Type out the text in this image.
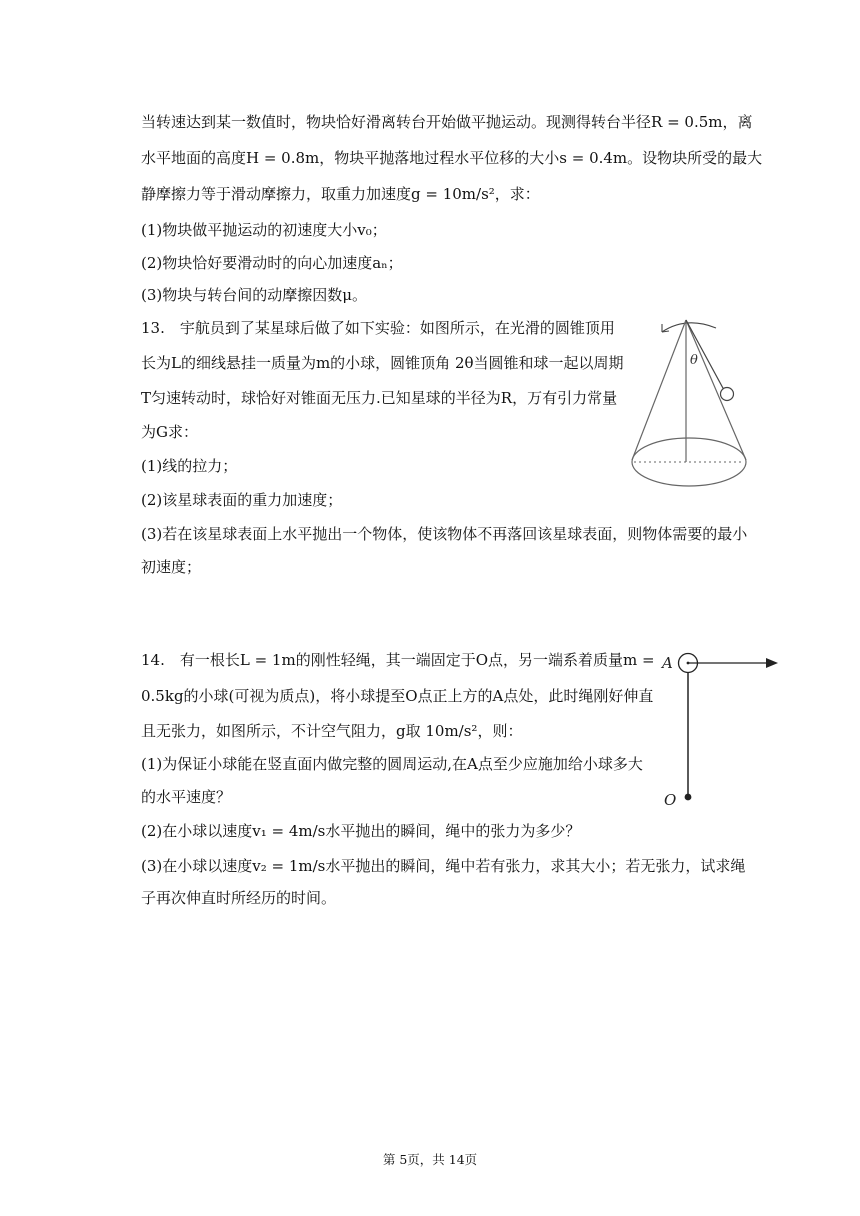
当转速达到某一数值时，物块恰好滑离转台开始做平抛运动。现测得转台半径R = 0.5m，离
水平地面的高度H = 0.8m，物块平抛落地过程水平位移的大小s = 0.4m。设物块所受的最大
静摩擦力等于滑动摩擦力，取重力加速度g = 10m/s²，求：
(1)物块做平抛运动的初速度大小v₀；
(2)物块恰好要滑动时的向心加速度aₙ；
(3)物块与转台间的动摩擦因数μ。
13.　宇航员到了某星球后做了如下实验：如图所示，在光滑的圆锥顶用
长为L的细线悬挂一质量为m的小球，圆锥顶角 2θ当圆锥和球一起以周期
T匀速转动时，球恰好对锥面无压力.已知星球的半径为R，万有引力常量
为G求：
(1)线的拉力；
(2)该星球表面的重力加速度；
(3)若在该星球表面上水平抛出一个物体，使该物体不再落回该星球表面，则物体需要的最小
初速度；
θ
14.　有一根长L = 1m的刚性轻绳，其一端固定于O点，另一端系着质量m =
0.5kg的小球(可视为质点)，将小球提至O点正上方的A点处，此时绳刚好伸直
且无张力，如图所示，不计空气阻力，g取 10m/s²，则：
(1)为保证小球能在竖直面内做完整的圆周运动,在A点至少应施加给小球多大
的水平速度？
(2)在小球以速度v₁ = 4m/s水平抛出的瞬间，绳中的张力为多少？
(3)在小球以速度v₂ = 1m/s水平抛出的瞬间，绳中若有张力，求其大小；若无张力，试求绳
子再次伸直时所经历的时间。
A
O
第 5页，共 14页
